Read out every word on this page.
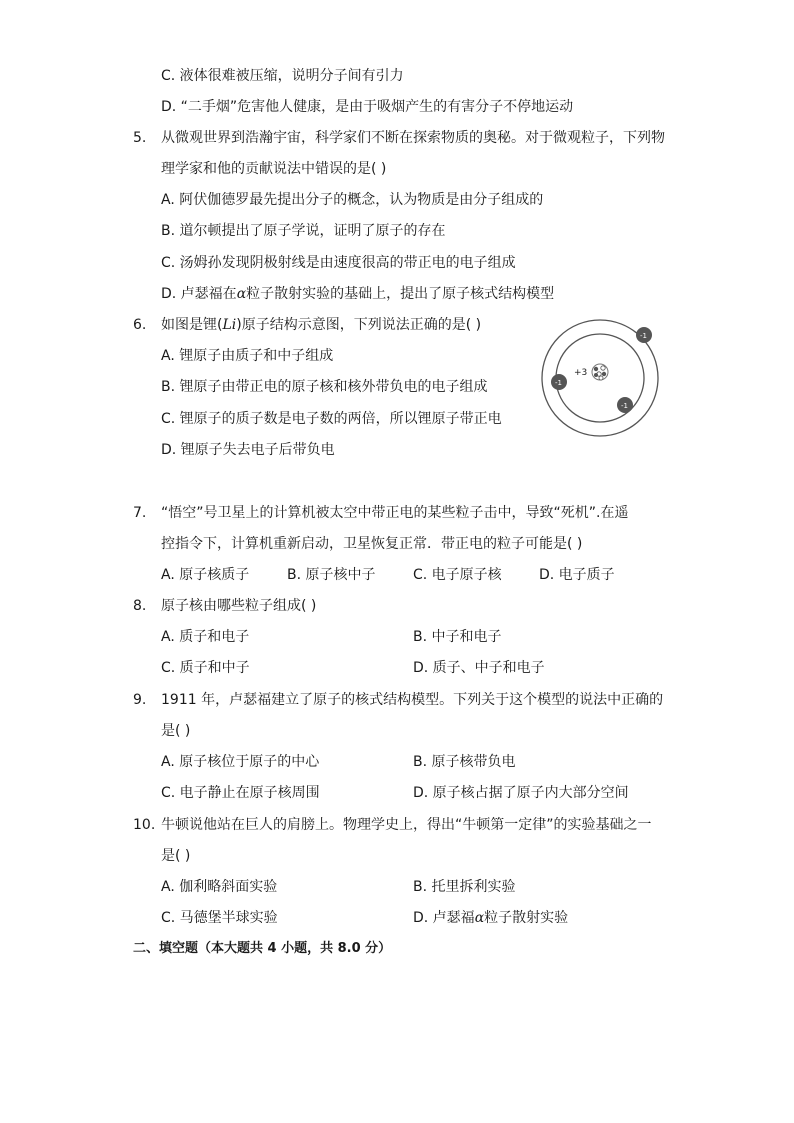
C. 液体很难被压缩，说明分子间有引力
D. “二手烟”危害他人健康，是由于吸烟产生的有害分子不停地运动
5. 从微观世界到浩瀚宇宙，科学家们不断在探索物质的奥秘。对于微观粒子，下列物
理学家和他的贡献说法中错误的是( )
A. 阿伏伽德罗最先提出分子的概念，认为物质是由分子组成的
B. 道尔顿提出了原子学说，证明了原子的存在
C. 汤姆孙发现阴极射线是由速度很高的带正电的电子组成
D. 卢瑟福在α粒子散射实验的基础上，提出了原子核式结构模型
6. 如图是锂(Li)原子结构示意图，下列说法正确的是( )
A. 锂原子由质子和中子组成
B. 锂原子由带正电的原子核和核外带负电的电子组成
C. 锂原子的质子数是电子数的两倍，所以锂原子带正电
D. 锂原子失去电子后带负电
+3
-1
-1
-1
7. “悟空”号卫星上的计算机被太空中带正电的某些粒子击中，导致“死机”.在遥
控指令下，计算机重新启动，卫星恢复正常．带正电的粒子可能是( )
A. 原子核质子	B. 原子核中子	C. 电子原子核	D. 电子质子
8. 原子核由哪些粒子组成( )
A. 质子和电子	B. 中子和电子
C. 质子和中子	D. 质子、中子和电子
9. 1911 年，卢瑟福建立了原子的核式结构模型。下列关于这个模型的说法中正确的
是( )
A. 原子核位于原子的中心	B. 原子核带负电
C. 电子静止在原子核周围	D. 原子核占据了原子内大部分空间
10. 牛顿说他站在巨人的肩膀上。物理学史上，得出“牛顿第一定律”的实验基础之一
是( )
A. 伽利略斜面实验	B. 托里拆利实验
C. 马德堡半球实验	D. 卢瑟福α粒子散射实验
二、填空题（本大题共 4 小题，共 8.0 分）
